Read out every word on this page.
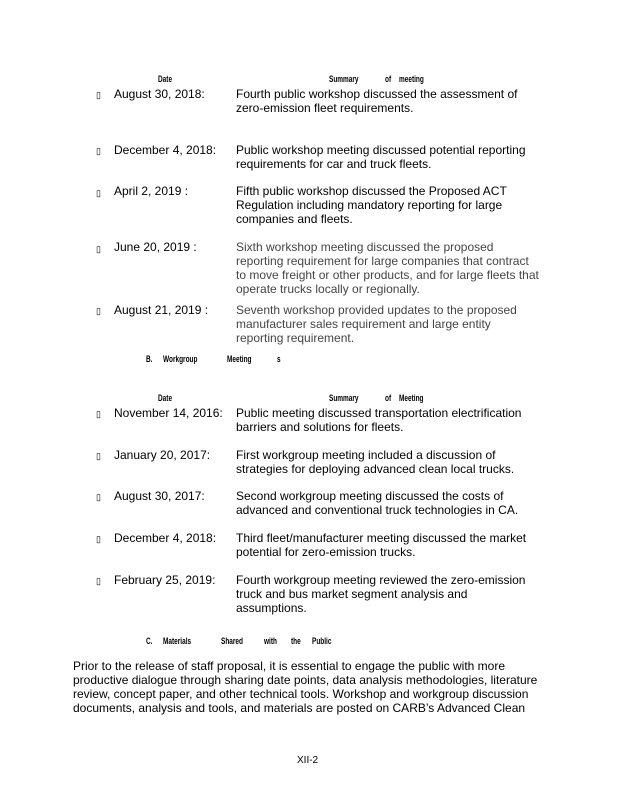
Date	Summary	of meeting
▯ August 30, 2018:	Fourth public workshop discussed the assessment of zero-emission fleet requirements.
▯ December 4, 2018: Public workshop meeting discussed potential reporting requirements for car and truck fleets.
▯ April 2, 2019 :	Fifth public workshop discussed the Proposed ACT Regulation including mandatory reporting for large companies and fleets.
▯ June 20, 2019 :	Sixth workshop meeting discussed the proposed reporting requirement for large companies that contract to move freight or other products, and for large fleets that operate trucks locally or regionally.
▯ August 21, 2019 : Seventh workshop provided updates to the proposed manufacturer sales requirement and large entity reporting requirement.
B. Workgroup	Meeting	s
Date	Summary	of Meeting
▯ November 14, 2016: Public meeting discussed transportation electrification barriers and solutions for fleets.
▯ January 20, 2017: First workgroup meeting included a discussion of strategies for deploying advanced clean local trucks.
▯ August 30, 2017:	Second workgroup meeting discussed the costs of advanced and conventional truck technologies in CA.
▯ December 4, 2018: Third fleet/manufacturer meeting discussed the market potential for zero-emission trucks.
▯ February 25, 2019: Fourth workgroup meeting reviewed the zero-emission truck and bus market segment analysis and assumptions.
C. Materials	Shared with the Public
Prior to the release of staff proposal, it is essential to engage the public with more productive dialogue through sharing date points, data analysis methodologies, literature review, concept paper, and other technical tools. Workshop and workgroup discussion documents, analysis and tools, and materials are posted on CARB’s Advanced Clean
XII-2
